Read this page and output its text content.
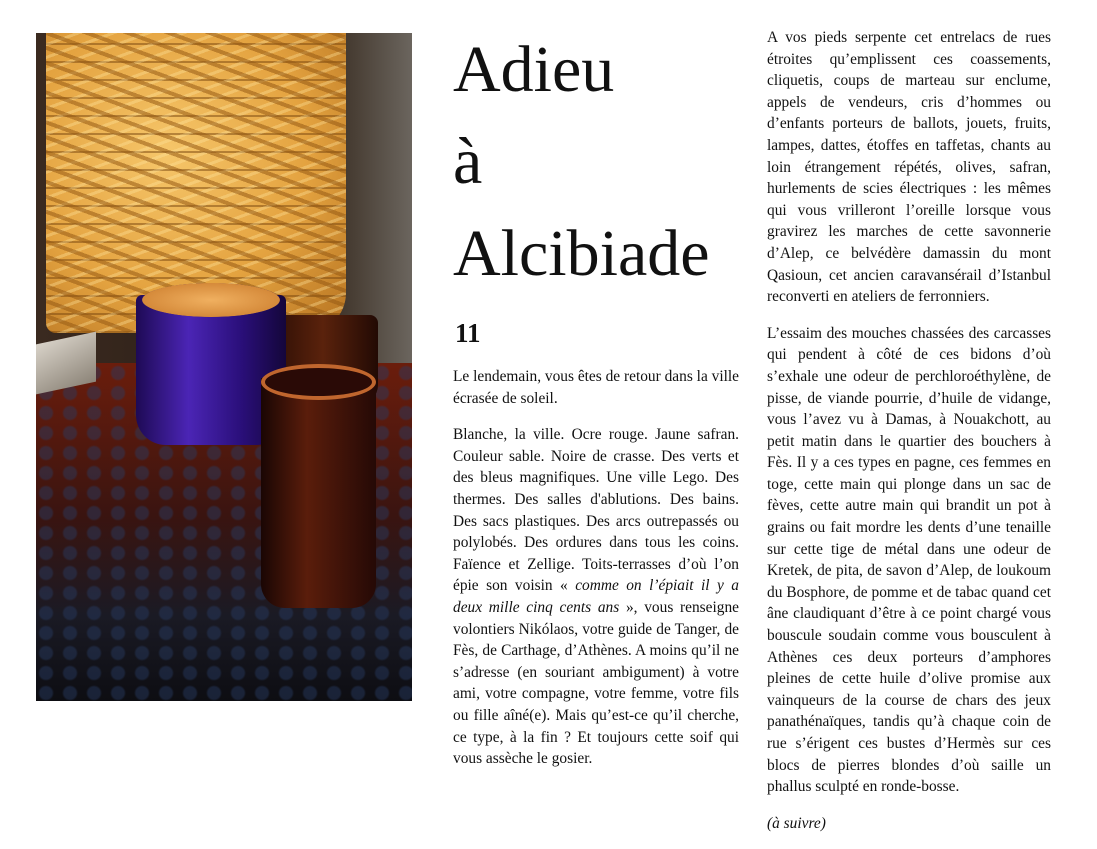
Adieu
à
Alcibiade
11

Le lendemain, vous êtes de retour dans la ville écrasée de soleil.

Blanche, la ville. Ocre rouge. Jaune safran. Couleur sable. Noire de crasse. Des verts et des bleus magnifiques. Une ville Lego. Des thermes. Des salles d'ablutions. Des bains. Des sacs plastiques. Des arcs outrepassés ou polylobés. Des ordures dans tous les coins. Faïence et Zellige. Toits-terrasses d’où l’on épie son voisin « comme on l’épiait il y a deux mille cinq cents ans », vous renseigne volontiers Nikólaos, votre guide de Tanger, de Fès, de Carthage, d’Athènes. A moins qu’il ne s’adresse (en souriant ambigument) à votre ami, votre compagne, votre femme, votre fils ou fille aîné(e). Mais qu’est-ce qu’il cherche, ce type, à la fin ? Et toujours cette soif qui vous assèche le gosier.

A vos pieds serpente cet entrelacs de rues étroites qu’emplissent ces coassements, cliquetis, coups de marteau sur enclume, appels de vendeurs, cris d’hommes ou d’enfants porteurs de ballots, jouets, fruits, lampes, dattes, étoffes en taffetas, chants au loin étrangement répétés, olives, safran, hurlements de scies électriques : les mêmes qui vous vrilleront l’oreille lorsque vous gravirez les marches de cette savonnerie d’Alep, ce belvédère damassin du mont Qasioun, cet ancien caravansérail d’Istanbul reconverti en ateliers de ferronniers.

L’essaim des mouches chassées des carcasses qui pendent à côté de ces bidons d’où s’exhale une odeur de perchloroéthylène, de pisse, de viande pourrie, d’huile de vidange, vous l’avez vu à Damas, à Nouakchott, au petit matin dans le quartier des bouchers à Fès. Il y a ces types en pagne, ces femmes en toge, cette main qui plonge dans un sac de fèves, cette autre main qui brandit un pot à grains ou fait mordre les dents d’une tenaille sur cette tige de métal dans une odeur de Kretek, de pita, de savon d’Alep, de loukoum du Bosphore, de pomme et de tabac quand cet âne claudiquant d’être à ce point chargé vous bouscule soudain comme vous bousculent à Athènes ces deux porteurs d’amphores pleines de cette huile d’olive promise aux vainqueurs de la course de chars des jeux panathénaïques, tandis qu’à chaque coin de rue s’érigent ces bustes d’Hermès sur ces blocs de pierres blondes d’où saille un phallus sculpté en ronde-bosse.

(à suivre)
